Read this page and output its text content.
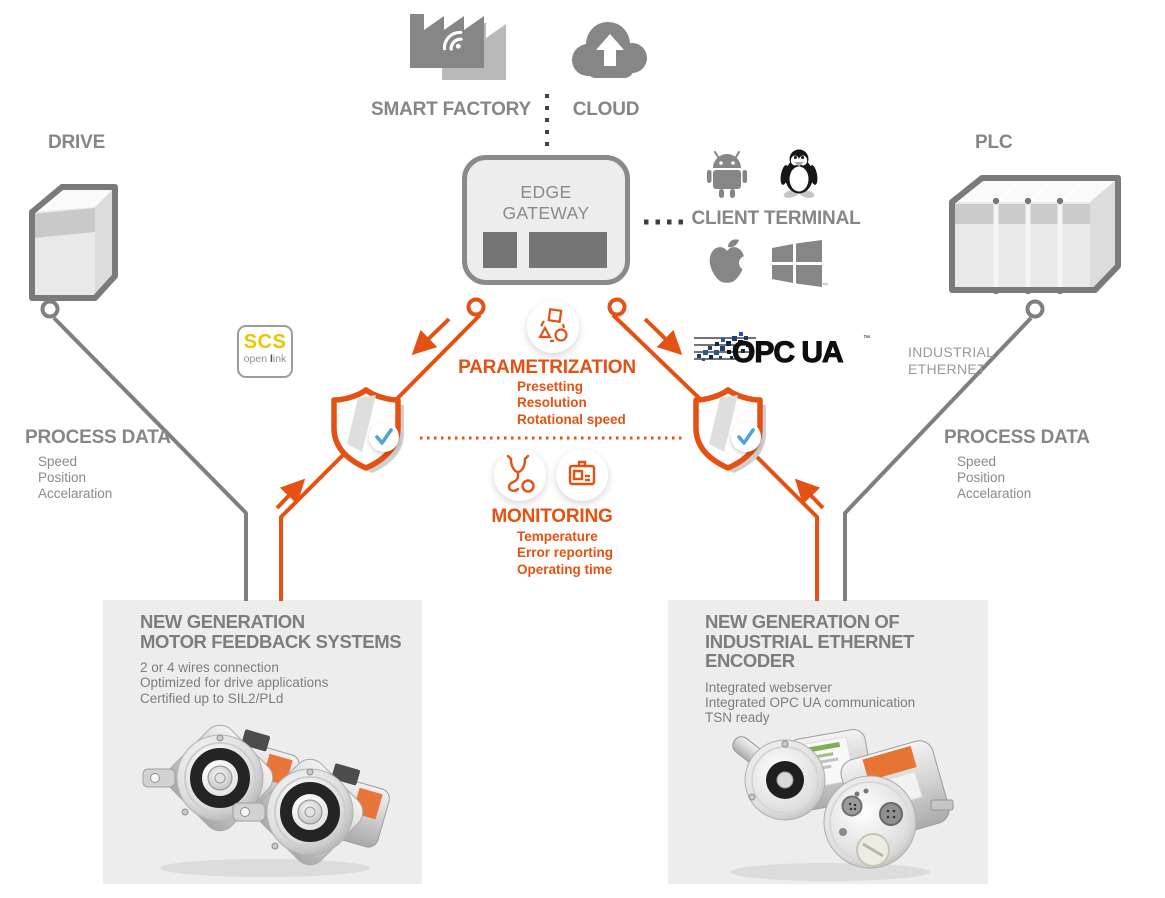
NEW GENERATION
MOTOR FEEDBACK SYSTEMS
2 or 4 wires connection
Optimized for drive applications
Certified up to SIL2/PLd
NEW GENERATION OF
INDUSTRIAL ETHERNET ENCODER
Integrated webserver
Integrated OPC UA communication
TSN ready
SMART FACTORY	CLOUD
EDGE
GATEWAY	CLIENT TERMINAL
™
DRIVE	PLC
SCS
open link	OPC UA	™
INDUSTRIAL
ETHERNET
PARAMETRIZATION
Presetting
Resolution
Rotational speed
MONITORING
Temperature
Error reporting
Operating time
PROCESS DATA
Speed
Position
Accelaration
PROCESS DATA
Speed
Position
Accelaration
